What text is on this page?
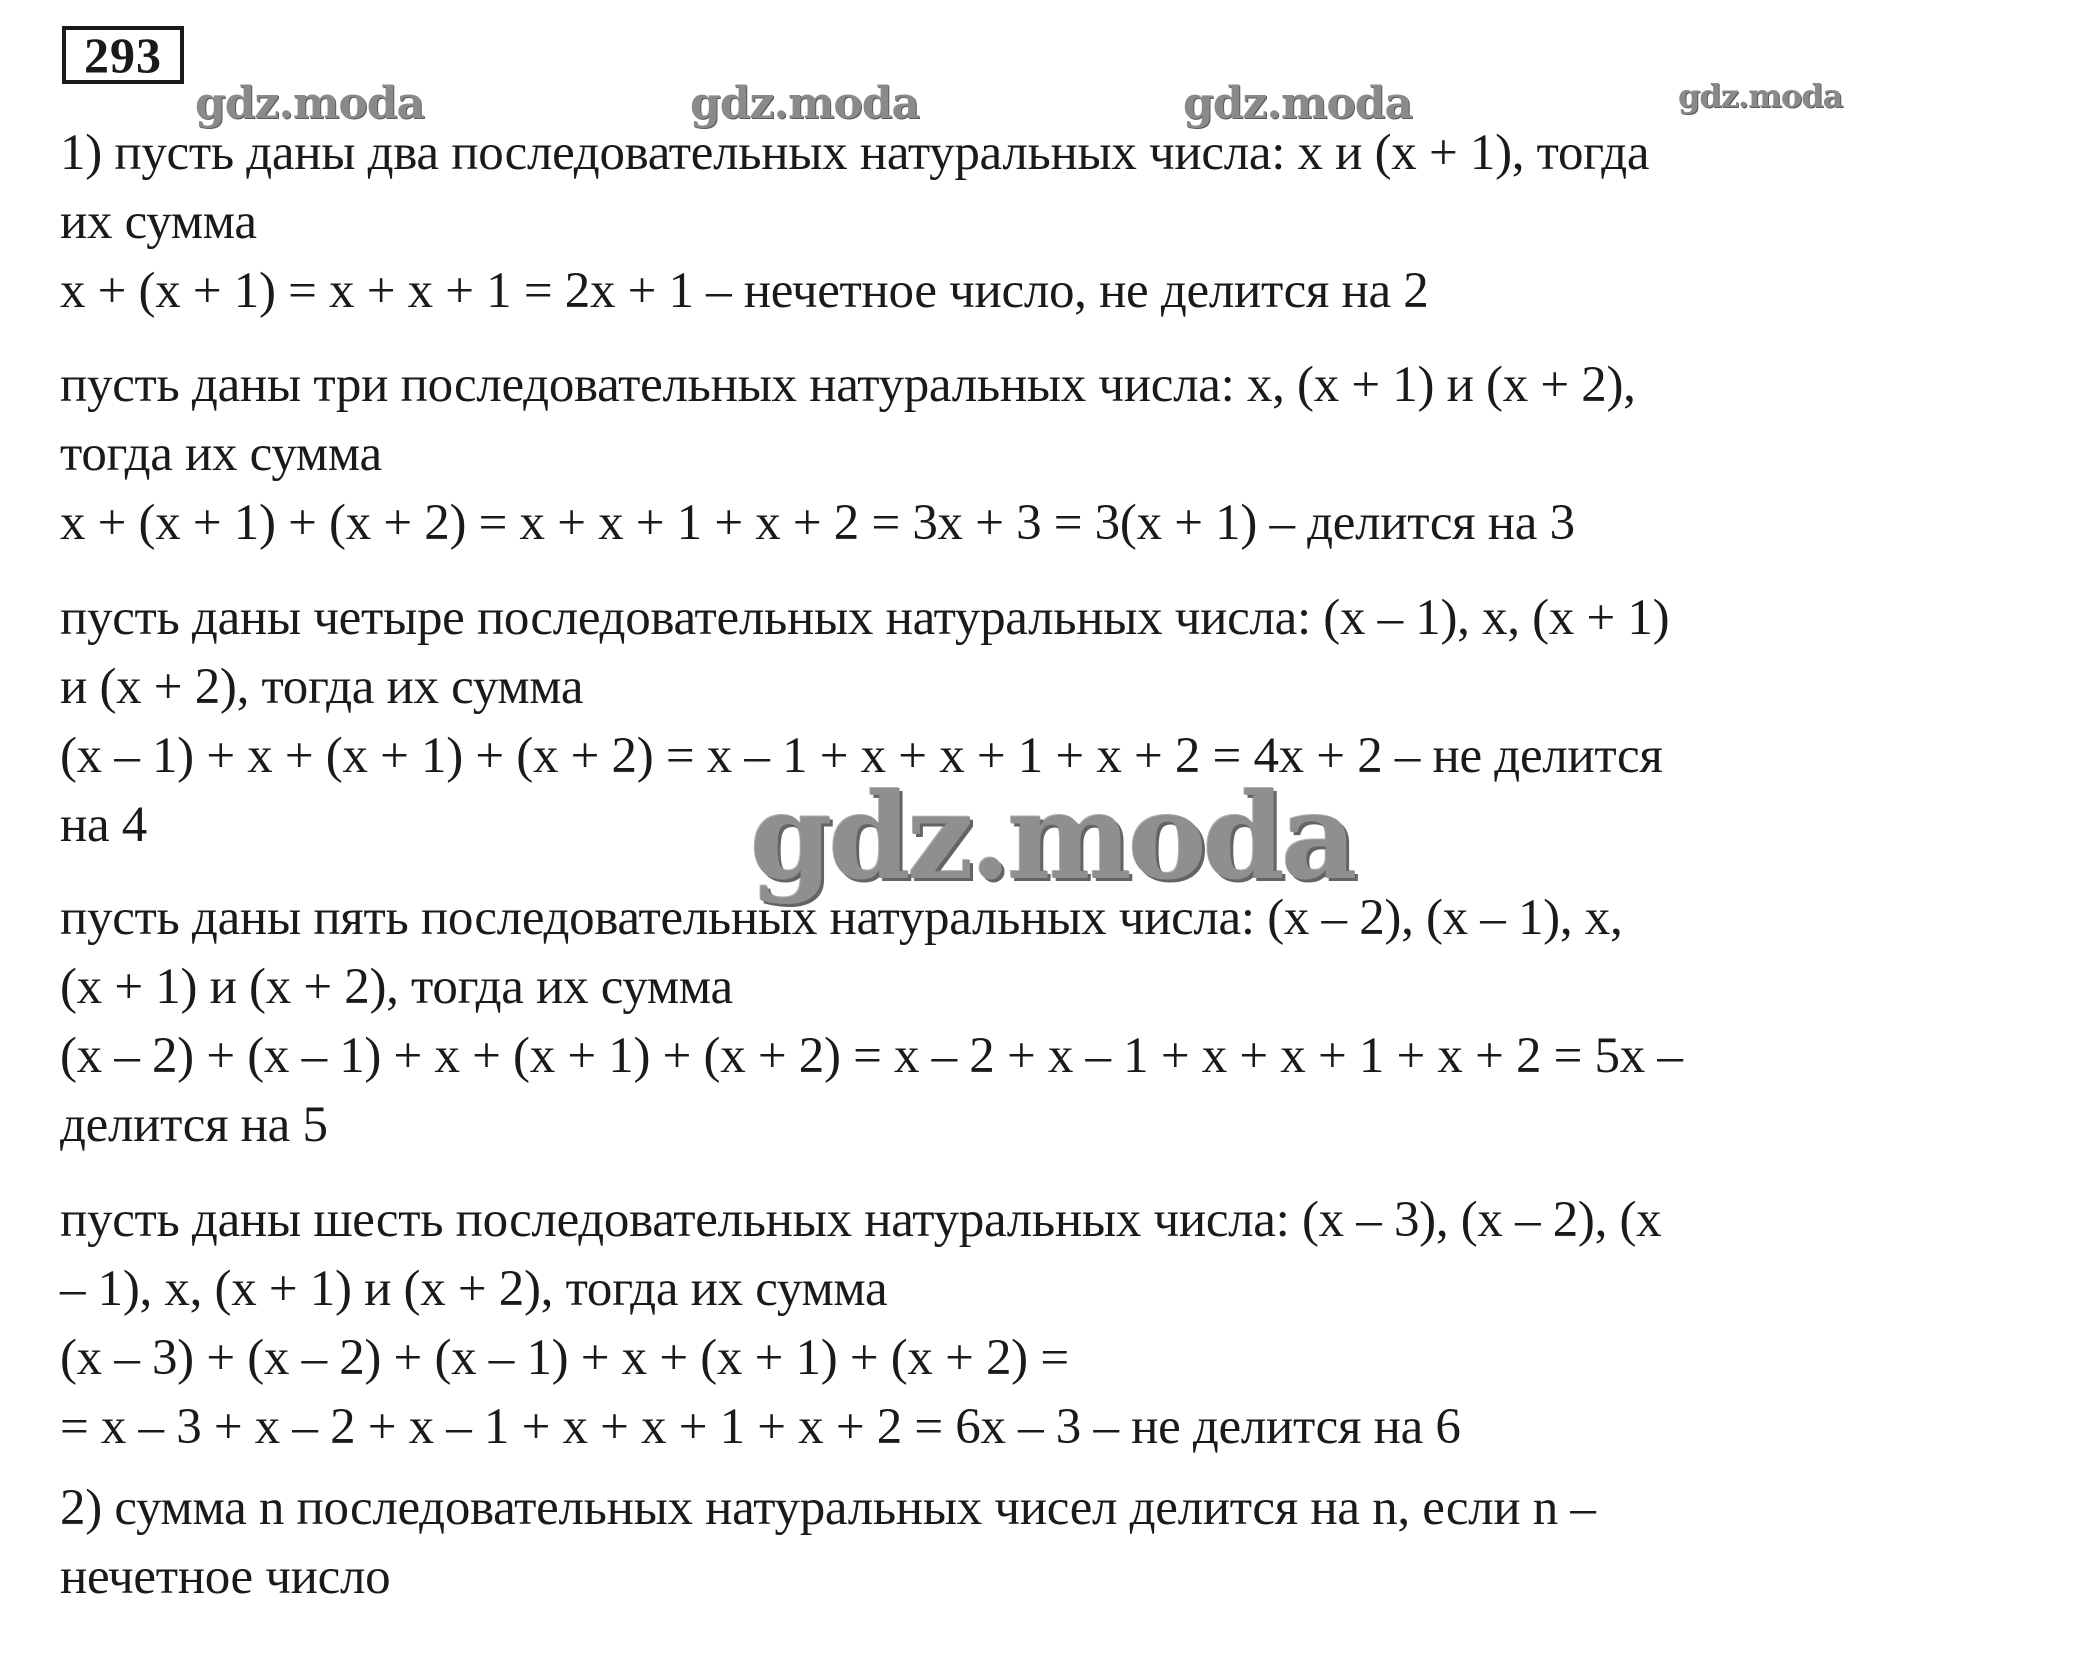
293
gdz.moda	gdz.moda	gdz.moda	gdz.moda
1) пусть даны два последовательных натуральных числа: x и (x + 1), тогда
их сумма
x + (x + 1) = x + x + 1 = 2x + 1 – нечетное число, не делится на 2
пусть даны три последовательных натуральных числа: x, (x + 1) и (x + 2),
тогда их сумма
x + (x + 1) + (x + 2) = x + x + 1 + x + 2 = 3x + 3 = 3(x + 1) – делится на 3
пусть даны четыре последовательных натуральных числа: (x – 1), x, (x + 1)
и (x + 2), тогда их сумма
(x – 1) + x + (x + 1) + (x + 2) = x – 1 + x + x + 1 + x + 2 = 4x + 2 – не делится
на 4
пусть даны пять последовательных натуральных числа: (x – 2), (x – 1), x,
(x + 1) и (x + 2), тогда их сумма
(x – 2) + (x – 1) + x + (x + 1) + (x + 2) = x – 2 + x – 1 + x + x + 1 + x + 2 = 5x –
делится на 5
пусть даны шесть последовательных натуральных числа: (x – 3), (x – 2), (x
– 1), x, (x + 1) и (x + 2), тогда их сумма
(x – 3) + (x – 2) + (x – 1) + x + (x + 1) + (x + 2) =
= x – 3 + x – 2 + x – 1 + x + x + 1 + x + 2 = 6x – 3 – не делится на 6
2) сумма n последовательных натуральных чисел делится на n, если n –
нечетное число
gdz.moda
